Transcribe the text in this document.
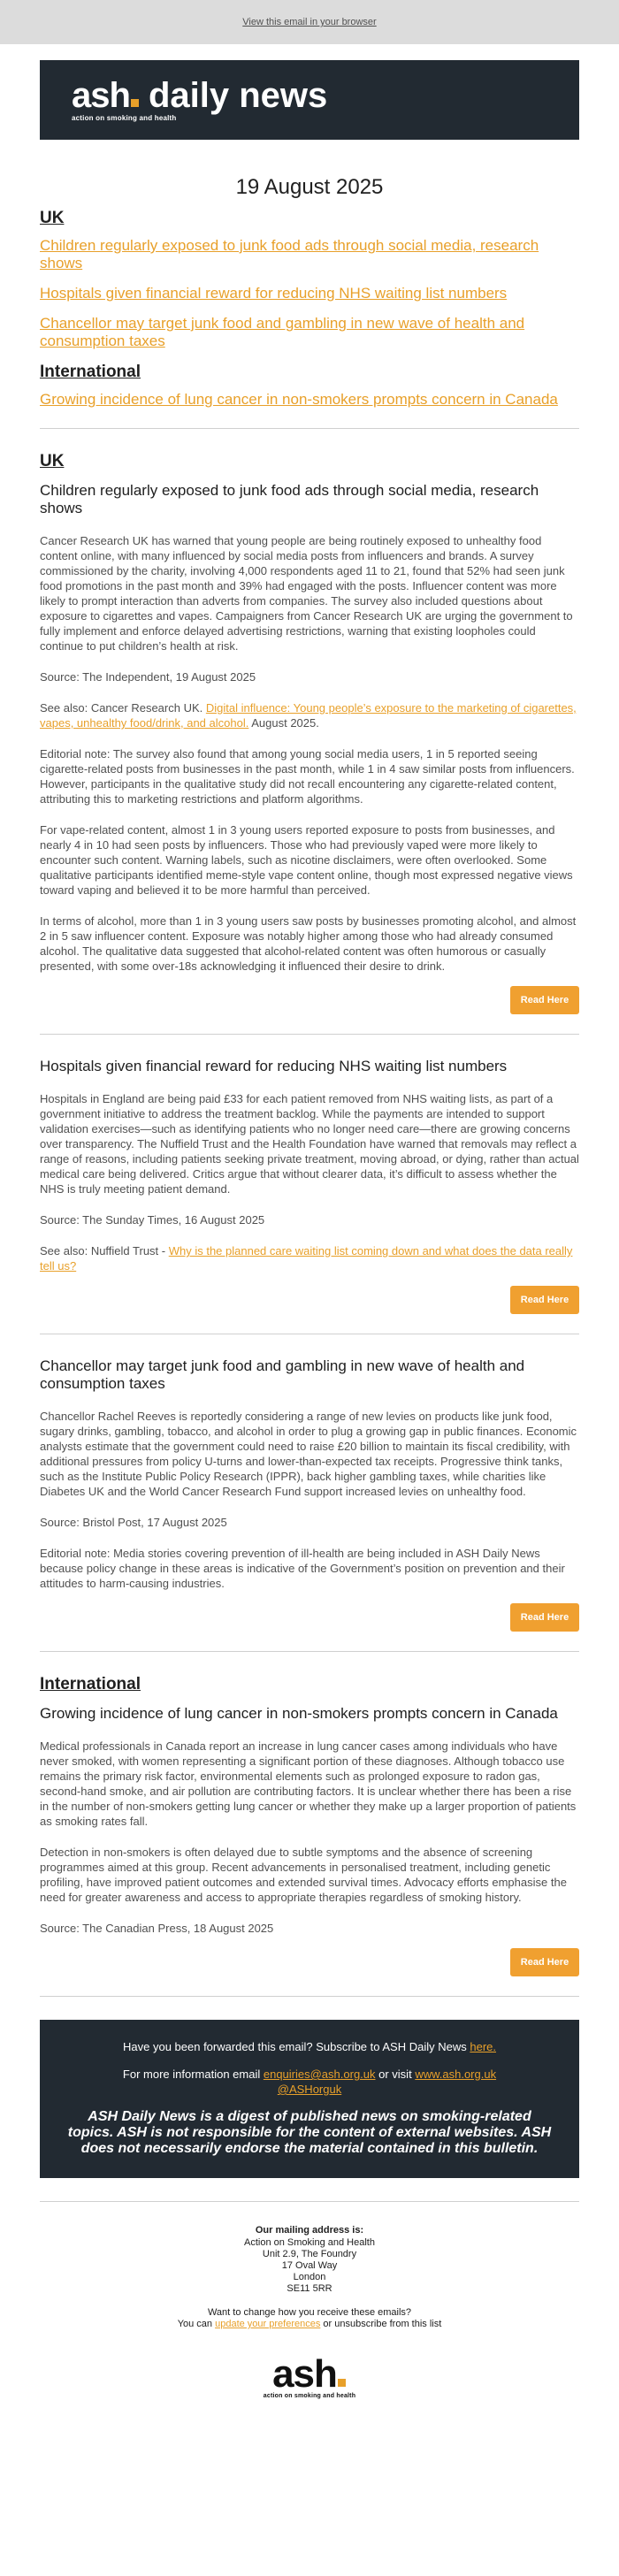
View this email in your browser
ash daily news
action on smoking and health
19 August 2025
UK
Children regularly exposed to junk food ads through social media, research shows
Hospitals given financial reward for reducing NHS waiting list numbers
Chancellor may target junk food and gambling in new wave of health and consumption taxes
International
Growing incidence of lung cancer in non-smokers prompts concern in Canada
UK
Children regularly exposed to junk food ads through social media, research shows

Cancer Research UK has warned that young people are being routinely exposed to unhealthy food content online, with many influenced by social media posts from influencers and brands. A survey commissioned by the charity, involving 4,000 respondents aged 11 to 21, found that 52% had seen junk food promotions in the past month and 39% had engaged with the posts. Influencer content was more likely to prompt interaction than adverts from companies. The survey also included questions about exposure to cigarettes and vapes. Campaigners from Cancer Research UK are urging the government to fully implement and enforce delayed advertising restrictions, warning that existing loopholes could continue to put children’s health at risk.

Source: The Independent, 19 August 2025

See also: Cancer Research UK. Digital influence: Young people’s exposure to the marketing of cigarettes, vapes, unhealthy food/drink, and alcohol. August 2025.

Editorial note: The survey also found that among young social media users, 1 in 5 reported seeing cigarette-related posts from businesses in the past month, while 1 in 4 saw similar posts from influencers. However, participants in the qualitative study did not recall encountering any cigarette-related content, attributing this to marketing restrictions and platform algorithms.

For vape-related content, almost 1 in 3 young users reported exposure to posts from businesses, and nearly 4 in 10 had seen posts by influencers. Those who had previously vaped were more likely to encounter such content. Warning labels, such as nicotine disclaimers, were often overlooked. Some qualitative participants identified meme-style vape content online, though most expressed negative views toward vaping and believed it to be more harmful than perceived.

In terms of alcohol, more than 1 in 3 young users saw posts by businesses promoting alcohol, and almost 2 in 5 saw influencer content. Exposure was notably higher among those who had already consumed alcohol. The qualitative data suggested that alcohol-related content was often humorous or casually presented, with some over-18s acknowledging it influenced their desire to drink.

Read Here
Hospitals given financial reward for reducing NHS waiting list numbers

Hospitals in England are being paid £33 for each patient removed from NHS waiting lists, as part of a government initiative to address the treatment backlog. While the payments are intended to support validation exercises—such as identifying patients who no longer need care—there are growing concerns over transparency. The Nuffield Trust and the Health Foundation have warned that removals may reflect a range of reasons, including patients seeking private treatment, moving abroad, or dying, rather than actual medical care being delivered. Critics argue that without clearer data, it’s difficult to assess whether the NHS is truly meeting patient demand.

Source: The Sunday Times, 16 August 2025

See also: Nuffield Trust - Why is the planned care waiting list coming down and what does the data really tell us?

Read Here
Chancellor may target junk food and gambling in new wave of health and consumption taxes

Chancellor Rachel Reeves is reportedly considering a range of new levies on products like junk food, sugary drinks, gambling, tobacco, and alcohol in order to plug a growing gap in public finances. Economic analysts estimate that the government could need to raise £20 billion to maintain its fiscal credibility, with additional pressures from policy U-turns and lower-than-expected tax receipts. Progressive think tanks, such as the Institute Public Policy Research (IPPR), back higher gambling taxes, while charities like Diabetes UK and the World Cancer Research Fund support increased levies on unhealthy food.

Source: Bristol Post, 17 August 2025

Editorial note: Media stories covering prevention of ill-health are being included in ASH Daily News because policy change in these areas is indicative of the Government’s position on prevention and their attitudes to harm-causing industries.

Read Here
International
Growing incidence of lung cancer in non-smokers prompts concern in Canada

Medical professionals in Canada report an increase in lung cancer cases among individuals who have never smoked, with women representing a significant portion of these diagnoses. Although tobacco use remains the primary risk factor, environmental elements such as prolonged exposure to radon gas, second-hand smoke, and air pollution are contributing factors. It is unclear whether there has been a rise in the number of non-smokers getting lung cancer or whether they make up a larger proportion of patients as smoking rates fall.

Detection in non-smokers is often delayed due to subtle symptoms and the absence of screening programmes aimed at this group. Recent advancements in personalised treatment, including genetic profiling, have improved patient outcomes and extended survival times. Advocacy efforts emphasise the need for greater awareness and access to appropriate therapies regardless of smoking history.

Source: The Canadian Press, 18 August 2025

Read Here

Have you been forwarded this email? Subscribe to ASH Daily News here.

For more information email enquiries@ash.org.uk or visit www.ash.org.uk
@ASHorguk

ASH Daily News is a digest of published news on smoking-related topics. ASH is not responsible for the content of external websites. ASH does not necessarily endorse the material contained in this bulletin.

Our mailing address is:
Action on Smoking and Health
Unit 2.9, The Foundry
17 Oval Way
London
SE11 5RR
Want to change how you receive these emails?
You can update your preferences or unsubscribe from this list
ash
action on smoking and health
